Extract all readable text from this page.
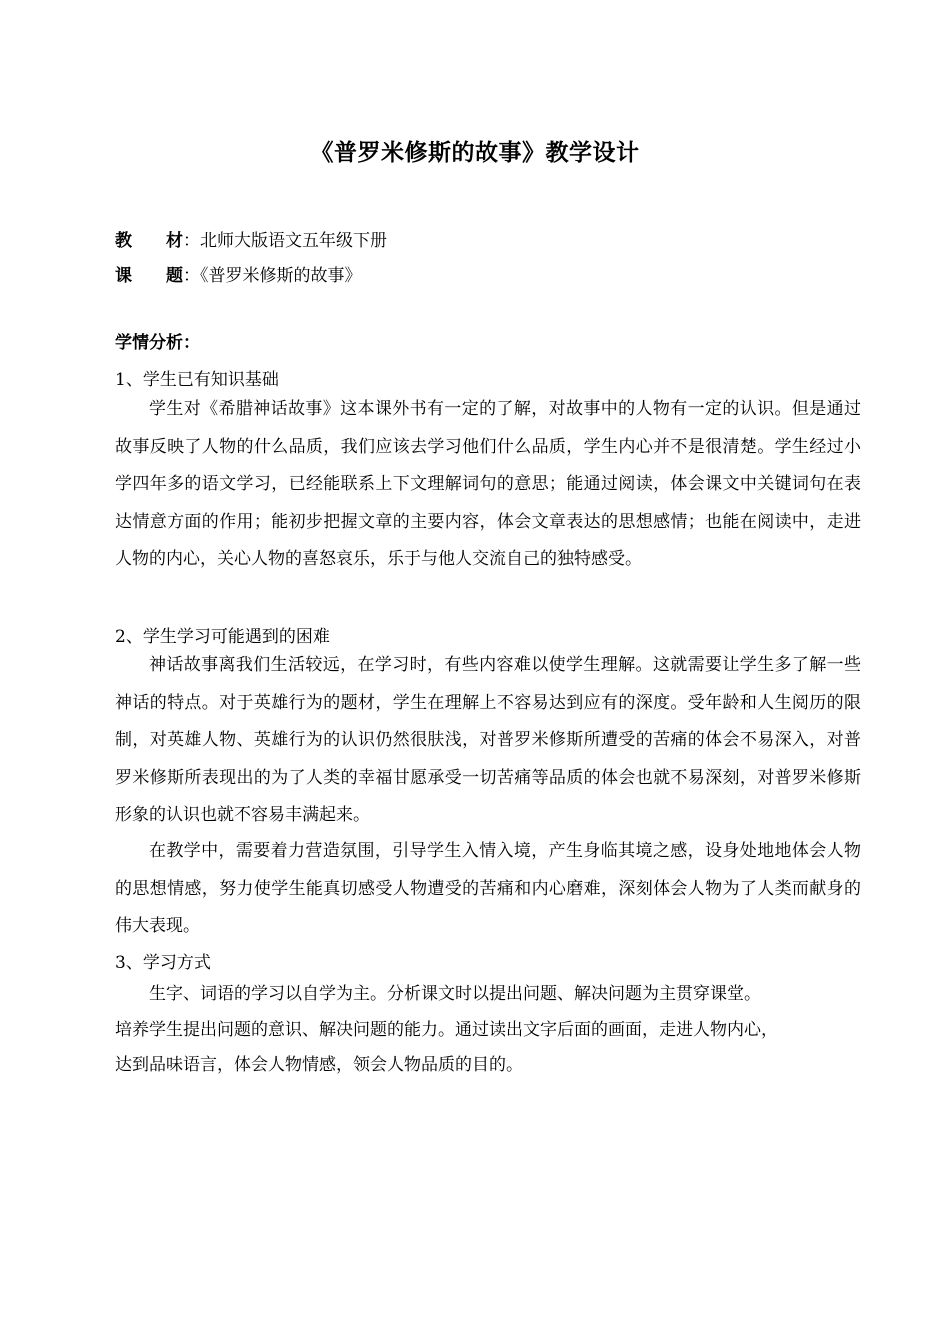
《普罗米修斯的故事》教学设计
教 材：北师大版语文五年级下册
课 题：《普罗米修斯的故事》
学情分析：
1、学生已有知识基础
学生对《希腊神话故事》这本课外书有一定的了解，对故事中的人物有一定的认识。但是通过故事反映了人物的什么品质，我们应该去学习他们什么品质，学生内心并不是很清楚。学生经过小学四年多的语文学习，已经能联系上下文理解词句的意思；能通过阅读，体会课文中关键词句在表达情意方面的作用；能初步把握文章的主要内容，体会文章表达的思想感情；也能在阅读中，走进人物的内心，关心人物的喜怒哀乐，乐于与他人交流自己的独特感受。
2、学生学习可能遇到的困难
神话故事离我们生活较远，在学习时，有些内容难以使学生理解。这就需要让学生多了解一些神话的特点。对于英雄行为的题材，学生在理解上不容易达到应有的深度。受年龄和人生阅历的限制，对英雄人物、英雄行为的认识仍然很肤浅，对普罗米修斯所遭受的苦痛的体会不易深入，对普罗米修斯所表现出的为了人类的幸福甘愿承受一切苦痛等品质的体会也就不易深刻，对普罗米修斯形象的认识也就不容易丰满起来。
在教学中，需要着力营造氛围，引导学生入情入境，产生身临其境之感，设身处地地体会人物的思想情感，努力使学生能真切感受人物遭受的苦痛和内心磨难，深刻体会人物为了人类而献身的伟大表现。
3、学习方式
生字、词语的学习以自学为主。分析课文时以提出问题、解决问题为主贯穿课堂。
培养学生提出问题的意识、解决问题的能力。通过读出文字后面的画面，走进人物内心，
达到品味语言，体会人物情感，领会人物品质的目的。
